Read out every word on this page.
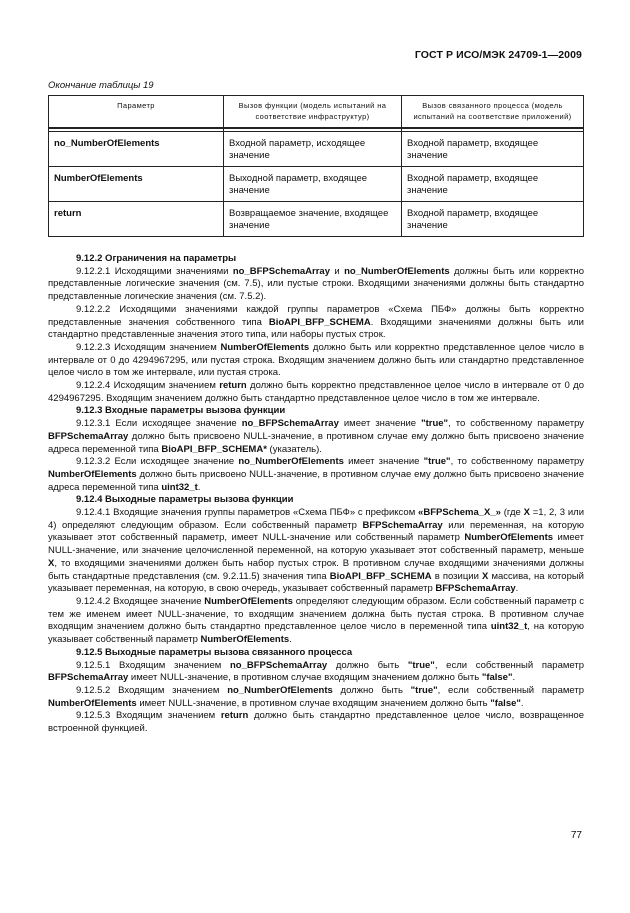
ГОСТ Р ИСО/МЭК 24709-1—2009
Окончание таблицы 19
Параметр	Вызов функции (модель испытаний на соответствие инфраструктур)	Вызов связанного процесса (модель испытаний на соответствие приложений)

no_NumberOfElements	Входной параметр, исходящее значение	Входной параметр, входящее значение
NumberOfElements	Выходной параметр, входящее значение	Входной параметр, входящее значение
return	Возвращаемое значение, входящее значение	Входной параметр, входящее значение

9.12.2 Ограничения на параметры

9.12.2.1 Исходящими значениями no_BFPSchemaArray и no_NumberOfElements должны быть или корректно представленные логические значения (см. 7.5), или пустые строки. Входящими значениями должны быть стандартно представленные логические значения (см. 7.5.2).

9.12.2.2 Исходящими значениями каждой группы параметров «Схема ПБФ» должны быть корректно представленные значения собственного типа BioAPI_BFP_SCHEMA. Входящими значениями должны быть или стандартно представленные значения этого типа, или наборы пустых строк.

9.12.2.3 Исходящим значением NumberOfElements должно быть или корректно представленное целое число в интервале от 0 до 4294967295, или пустая строка. Входящим значением должно быть или стандартно представленное целое число в том же интервале, или пустая строка.

9.12.2.4 Исходящим значением return должно быть корректно представленное целое число в интервале от 0 до 4294967295. Входящим значением должно быть стандартно представленное целое число в том же интервале.

9.12.3 Входные параметры вызова функции

9.12.3.1 Если исходящее значение no_BFPSchemaArray имеет значение "true", то собственному параметру BFPSchemaArray должно быть присвоено NULL-значение, в противном случае ему должно быть присвоено значение адреса переменной типа BioAPI_BFP_SCHEMA* (указатель).

9.12.3.2 Если исходящее значение no_NumberOfElements имеет значение "true", то собственному параметру NumberOfElements должно быть присвоено NULL-значение, в противном случае ему должно быть присвоено значение адреса переменной типа uint32_t.

9.12.4 Выходные параметры вызова функции

9.12.4.1 Входящие значения группы параметров «Схема ПБФ» с префиксом «BFPSchema_X_» (где X =1, 2, 3 или 4) определяют следующим образом. Если собственный параметр BFPSchemaArray или переменная, на которую указывает этот собственный параметр, имеет NULL-значение или собственный параметр NumberOfElements имеет NULL-значение, или значение целочисленной переменной, на которую указывает этот собственный параметр, меньше X, то входящими значениями должен быть набор пустых строк. В противном случае входящими значениями должны быть стандартные представления (см. 9.2.11.5) значения типа BioAPI_BFP_SCHEMA в позиции X массива, на который указывает переменная, на которую, в свою очередь, указывает собственный параметр BFPSchemaArray.

9.12.4.2 Входящее значение NumberOfElements определяют следующим образом. Если собственный параметр с тем же именем имеет NULL-значение, то входящим значением должна быть пустая строка. В противном случае входящим значением должно быть стандартно представленное целое число в переменной типа uint32_t, на которую указывает собственный параметр NumberOfElements.

9.12.5 Выходные параметры вызова связанного процесса

9.12.5.1 Входящим значением no_BFPSchemaArray должно быть "true", если собственный параметр BFPSchemaArray имеет NULL-значение, в противном случае входящим значением должно быть "false".

9.12.5.2 Входящим значением no_NumberOfElements должно быть "true", если собственный параметр NumberOfElements имеет NULL-значение, в противном случае входящим значением должно быть "false".

9.12.5.3 Входящим значением return должно быть стандартно представленное целое число, возвращенное встроенной функцией.

77
